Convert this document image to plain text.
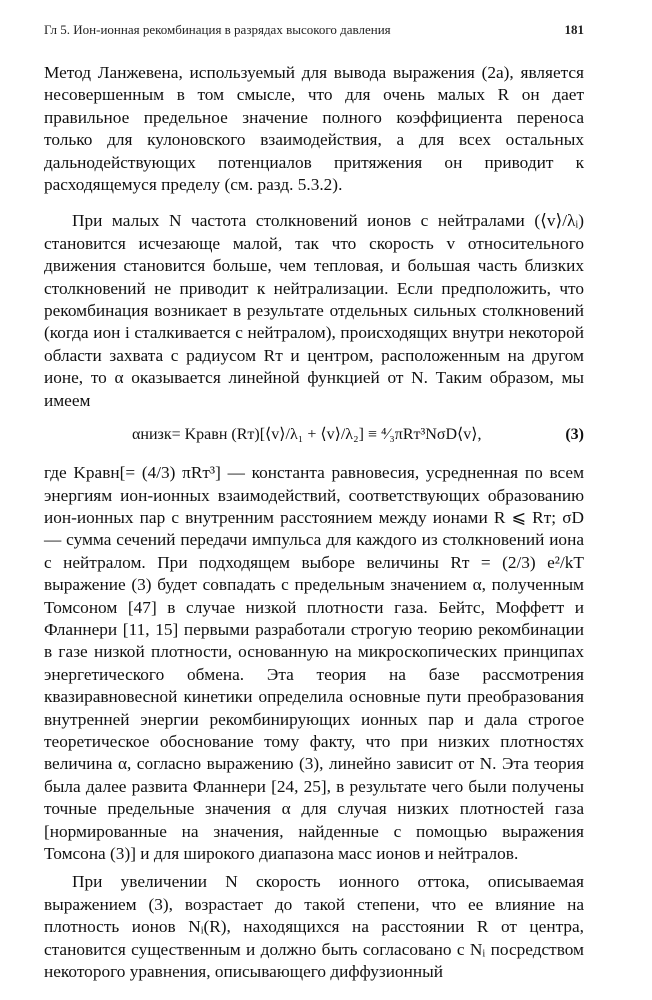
Гл 5. Ион-ионная рекомбинация в разрядах высокого давления	181

Метод Ланжевена, используемый для вывода выражения (2а), является несовершенным в том смысле, что для очень малых R он дает правильное предельное значение полного коэффициента переноса только для кулоновского взаимодействия, а для всех остальных дальнодействующих потенциалов притяжения он приводит к расходящемуся пределу (см. разд. 5.3.2).

При малых N частота столкновений ионов с нейтралами (⟨v⟩/λᵢ) становится исчезающе малой, так что скорость v относительного движения становится больше, чем тепловая, и большая часть близких столкновений не приводит к нейтрализации. Если предположить, что рекомбинация возникает в результате отдельных сильных столкновений (когда ион i сталкивается с нейтралом), происходящих внутри некоторой области захвата с радиусом Rᴛ и центром, расположенным на другом ионе, то α оказывается линейной функцией от N. Таким образом, мы имеем

αнизк= Kравн (Rᴛ)[⟨v⟩/λ₁ + ⟨v⟩/λ₂] ≡ ⁴⁄₃πRᴛ³NσD⟨v⟩,	(3)

где Kравн[= (4/3) πRᴛ³] — константа равновесия, усредненная по всем энергиям ион-ионных взаимодействий, соответствующих образованию ион-ионных пар с внутренним расстоянием между ионами R ⩽ Rᴛ; σD — сумма сечений передачи импульса для каждого из столкновений иона с нейтралом. При подходящем выборе величины Rᴛ = (2/3) e²/kT выражение (3) будет совпадать с предельным значением α, полученным Томсоном [47] в случае низкой плотности газа. Бейтс, Моффетт и Фланнери [11, 15] первыми разработали строгую теорию рекомбинации в газе низкой плотности, основанную на микроскопических принципах энергетического обмена. Эта теория на базе рассмотрения квазиравновесной кинетики определила основные пути преобразования внутренней энергии рекомбинирующих ионных пар и дала строгое теоретическое обоснование тому факту, что при низких плотностях величина α, согласно выражению (3), линейно зависит от N. Эта теория была далее развита Фланнери [24, 25], в результате чего были получены точные предельные значения α для случая низких плотностей газа [нормированные на значения, найденные с помощью выражения Томсона (3)] и для широкого диапазона масс ионов и нейтралов.

При увеличении N скорость ионного оттока, описываемая выражением (3), возрастает до такой степени, что ее влияние на плотность ионов Nᵢ(R), находящихся на расстоянии R от центра, становится существенным и должно быть согласовано с Nᵢ посредством некоторого уравнения, описывающего диффузионный
